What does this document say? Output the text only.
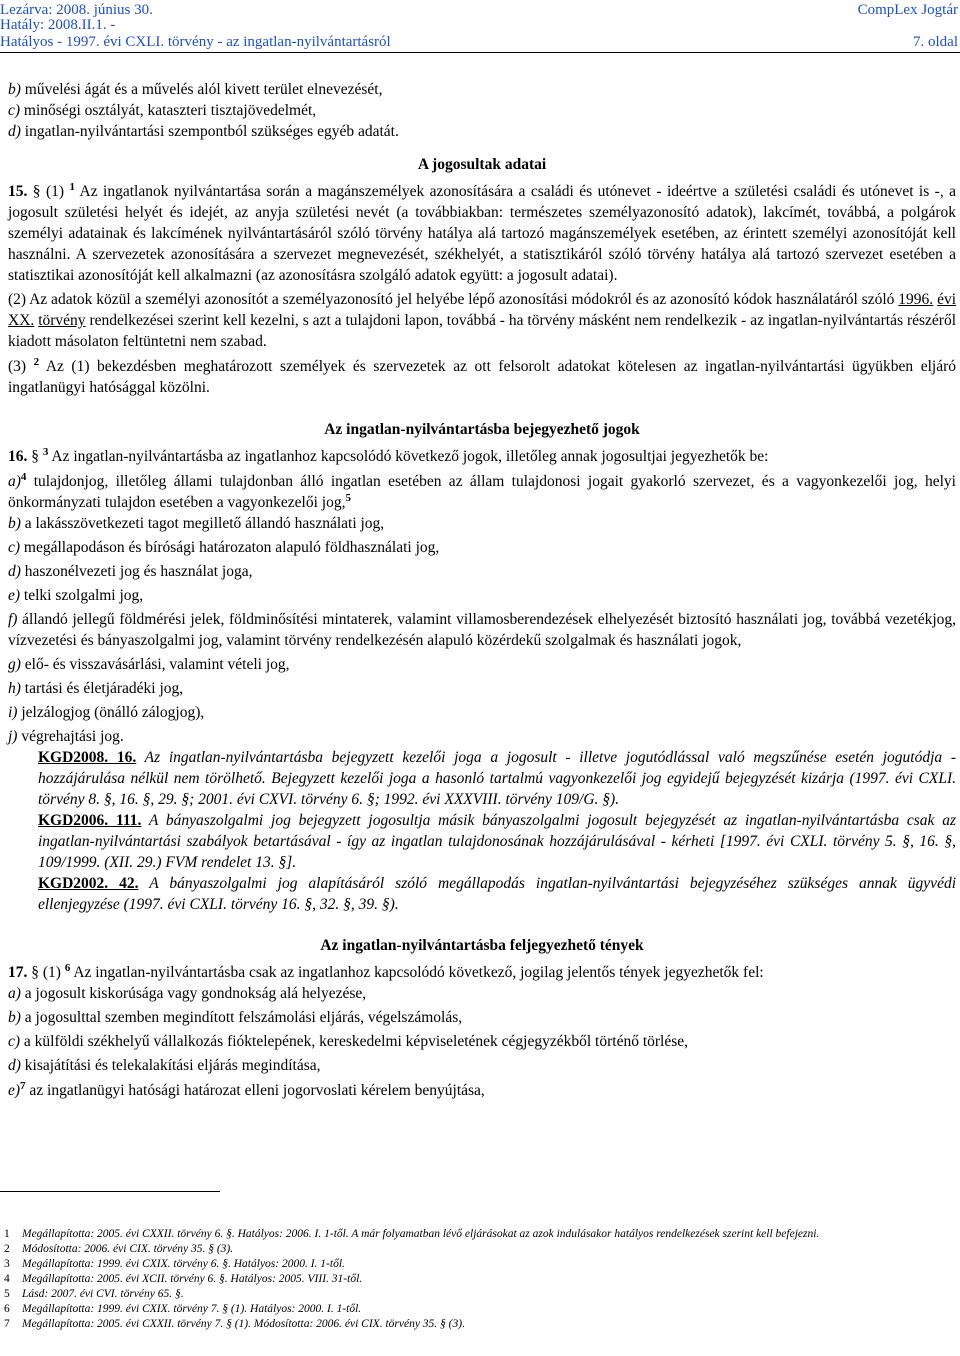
Lezárva: 2008. június 30.
Hatály: 2008.II.1. -
Hatályos - 1997. évi CXLI. törvény - az ingatlan-nyilvántartásról
CompLex Jogtár
7. oldal

b) művelési ágát és a művelés alól kivett terület elnevezését,

c) minőségi osztályát, kataszteri tisztajövedelmét,

d) ingatlan-nyilvántartási szempontból szükséges egyéb adatát.

A jogosultak adatai

15. § (1) $^1$ Az ingatlanok nyilvántartása során a magánszemélyek azonosítására a családi és utónevet - ideértve a születési családi és utónevet is -, a jogosult születési helyét és idejét, az anyja születési nevét (a továbbiakban: természetes személyazonosító adatok), lakcímét, továbbá, a polgárok személyi adatainak és lakcímének nyilvántartásáról szóló törvény hatálya alá tartozó magánszemélyek esetében, az érintett személyi azonosítóját kell használni. A szervezetek azonosítására a szervezet megnevezését, székhelyét, a statisztikáról szóló törvény hatálya alá tartozó szervezet esetében a statisztikai azonosítóját kell alkalmazni (az azonosításra szolgáló adatok együtt: a jogosult adatai).

(2) Az adatok közül a személyi azonosítót a személyazonosító jel helyébe lépő azonosítási módokról és az azonosító kódok használatáról szóló 1996. évi XX. törvény rendelkezései szerint kell kezelni, s azt a tulajdoni lapon, továbbá - ha törvény másként nem rendelkezik - az ingatlan-nyilvántartás részéről kiadott másolaton feltüntetni nem szabad.

(3) $^2$ Az (1) bekezdésben meghatározott személyek és szervezetek az ott felsorolt adatokat kötelesen az ingatlan-nyilvántartási ügyükben eljáró ingatlanügyi hatósággal közölni.

Az ingatlan-nyilvántartásba bejegyezhető jogok

16. § $^3$ Az ingatlan-nyilvántartásba az ingatlanhoz kapcsolódó következő jogok, illetőleg annak jogosultjai jegyezhetők be:

a)$^4$ tulajdonjog, illetőleg állami tulajdonban álló ingatlan esetében az állam tulajdonosi jogait gyakorló szervezet, és a vagyonkezelői jog, helyi önkormányzati tulajdon esetében a vagyonkezelői jog,$^5$

b) a lakásszövetkezeti tagot megillető állandó használati jog,

c) megállapodáson és bírósági határozaton alapuló földhasználati jog,

d) haszonélvezeti jog és használat joga,

e) telki szolgalmi jog,

f) állandó jellegű földmérési jelek, földminősítési mintaterek, valamint villamosberendezések elhelyezését biztosító használati jog, továbbá vezetékjog, vízvezetési és bányaszolgalmi jog, valamint törvény rendelkezésén alapuló közérdekű szolgalmak és használati jogok,

g) elő- és visszavásárlási, valamint vételi jog,

h) tartási és életjáradéki jog,

i) jelzálogjog (önálló zálogjog),

j) végrehajtási jog.

KGD2008. 16. Az ingatlan-nyilvántartásba bejegyzett kezelői joga a jogosult - illetve jogutódlással való megszűnése esetén jogutódja - hozzájárulása nélkül nem törölhető. Bejegyzett kezelői joga a hasonló tartalmú vagyonkezelői jog egyidejű bejegyzését kizárja (1997. évi CXLI. törvény 8. §, 16. §, 29. §; 2001. évi CXVI. törvény 6. §; 1992. évi XXXVIII. törvény 109/G. §).

KGD2006. 111. A bányaszolgalmi jog bejegyzett jogosultja másik bányaszolgalmi jogosult bejegyzését az ingatlan-nyilvántartásba csak az ingatlan-nyilvántartási szabályok betartásával - így az ingatlan tulajdonosának hozzájárulásával - kérheti [1997. évi CXLI. törvény 5. §, 16. §, 109/1999. (XII. 29.) FVM rendelet 13. §].

KGD2002. 42. A bányaszolgalmi jog alapításáról szóló megállapodás ingatlan-nyilvántartási bejegyzéséhez szükséges annak ügyvédi ellenjegyzése (1997. évi CXLI. törvény 16. §, 32. §, 39. §).

Az ingatlan-nyilvántartásba feljegyezhető tények

17. § (1) $^6$ Az ingatlan-nyilvántartásba csak az ingatlanhoz kapcsolódó következő, jogilag jelentős tények jegyezhetők fel:

a) a jogosult kiskorúsága vagy gondnokság alá helyezése,

b) a jogosulttal szemben megindított felszámolási eljárás, végelszámolás,

c) a külföldi székhelyű vállalkozás fióktelepének, kereskedelmi képviseletének cégjegyzékből történő törlése,

d) kisajátítási és telekalakítási eljárás megindítása,

e)$^7$ az ingatlanügyi hatósági határozat elleni jogorvoslati kérelem benyújtása,

1 Megállapította: 2005. évi CXXII. törvény 6. §. Hatályos: 2006. I. 1-től. A már folyamatban lévő eljárásokat az azok indulásakor hatályos rendelkezések szerint kell befejezni.

2 Módosította: 2006. évi CIX. törvény 35. § (3).

3 Megállapította: 1999. évi CXIX. törvény 6. §. Hatályos: 2000. I. 1-től.

4 Megállapította: 2005. évi XCII. törvény 6. §. Hatályos: 2005. VIII. 31-től.

5 Lásd: 2007. évi CVI. törvény 65. §.

6 Megállapította: 1999. évi CXIX. törvény 7. § (1). Hatályos: 2000. I. 1-től.

7 Megállapította: 2005. évi CXXII. törvény 7. § (1). Módosította: 2006. évi CIX. törvény 35. § (3).
